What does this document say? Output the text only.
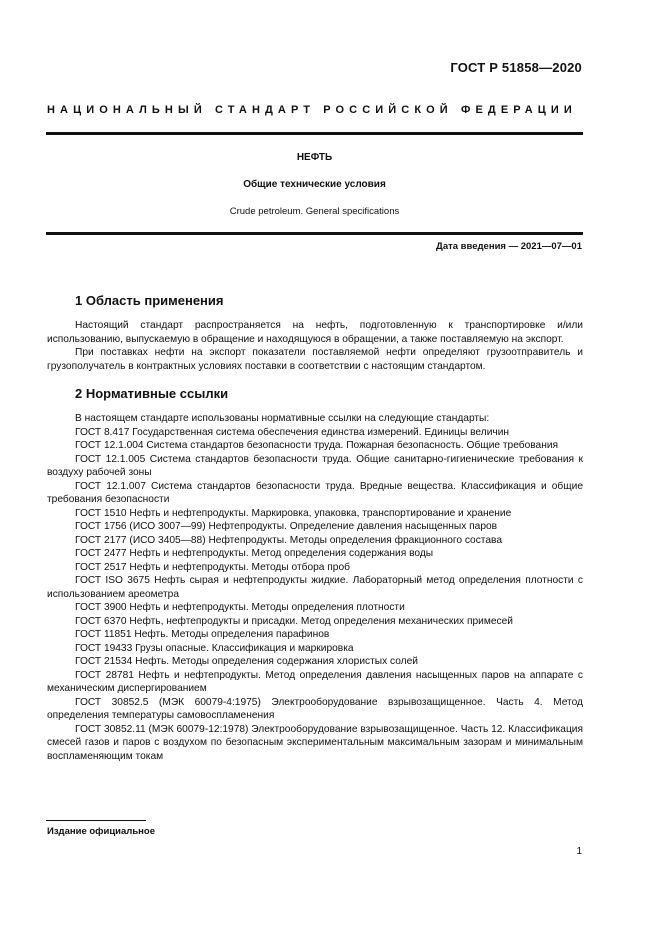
ГОСТ Р 51858—2020
НАЦИОНАЛЬНЫЙ СТАНДАРТ РОССИЙСКОЙ ФЕДЕРАЦИИ
НЕФТЬ
Общие технические условия
Crude petroleum. General specifications
Дата введения — 2021—07—01
1 Область применения

Настоящий стандарт распространяется на нефть, подготовленную к транспортировке и/или использованию, выпускаемую в обращение и находящуюся в обращении, а также поставляемую на экспорт.

При поставках нефти на экспорт показатели поставляемой нефти определяют грузоотправитель и грузополучатель в контрактных условиях поставки в соответствии с настоящим стандартом.

2 Нормативные ссылки

В настоящем стандарте использованы нормативные ссылки на следующие стандарты:

ГОСТ 8.417 Государственная система обеспечения единства измерений. Единицы величин

ГОСТ 12.1.004 Система стандартов безопасности труда. Пожарная безопасность. Общие требования

ГОСТ 12.1.005 Система стандартов безопасности труда. Общие санитарно-гигиенические требования к воздуху рабочей зоны

ГОСТ 12.1.007 Система стандартов безопасности труда. Вредные вещества. Классификация и общие требования безопасности

ГОСТ 1510 Нефть и нефтепродукты. Маркировка, упаковка, транспортирование и хранение

ГОСТ 1756 (ИСО 3007—99) Нефтепродукты. Определение давления насыщенных паров

ГОСТ 2177 (ИСО 3405—88) Нефтепродукты. Методы определения фракционного состава

ГОСТ 2477 Нефть и нефтепродукты. Метод определения содержания воды

ГОСТ 2517 Нефть и нефтепродукты. Методы отбора проб

ГОСТ ISO 3675 Нефть сырая и нефтепродукты жидкие. Лабораторный метод определения плотности с использованием ареометра

ГОСТ 3900 Нефть и нефтепродукты. Методы определения плотности

ГОСТ 6370 Нефть, нефтепродукты и присадки. Метод определения механических примесей

ГОСТ 11851 Нефть. Методы определения парафинов

ГОСТ 19433 Грузы опасные. Классификация и маркировка

ГОСТ 21534 Нефть. Методы определения содержания хлористых солей

ГОСТ 28781 Нефть и нефтепродукты. Метод определения давления насыщенных паров на аппарате с механическим диспергированием

ГОСТ 30852.5 (МЭК 60079-4:1975) Электрооборудование взрывозащищенное. Часть 4. Метод определения температуры самовоспламенения

ГОСТ 30852.11 (МЭК 60079-12:1978) Электрооборудование взрывозащищенное. Часть 12. Классификация смесей газов и паров с воздухом по безопасным экспериментальным максимальным зазорам и минимальным воспламеняющим токам

Издание официальное
1
